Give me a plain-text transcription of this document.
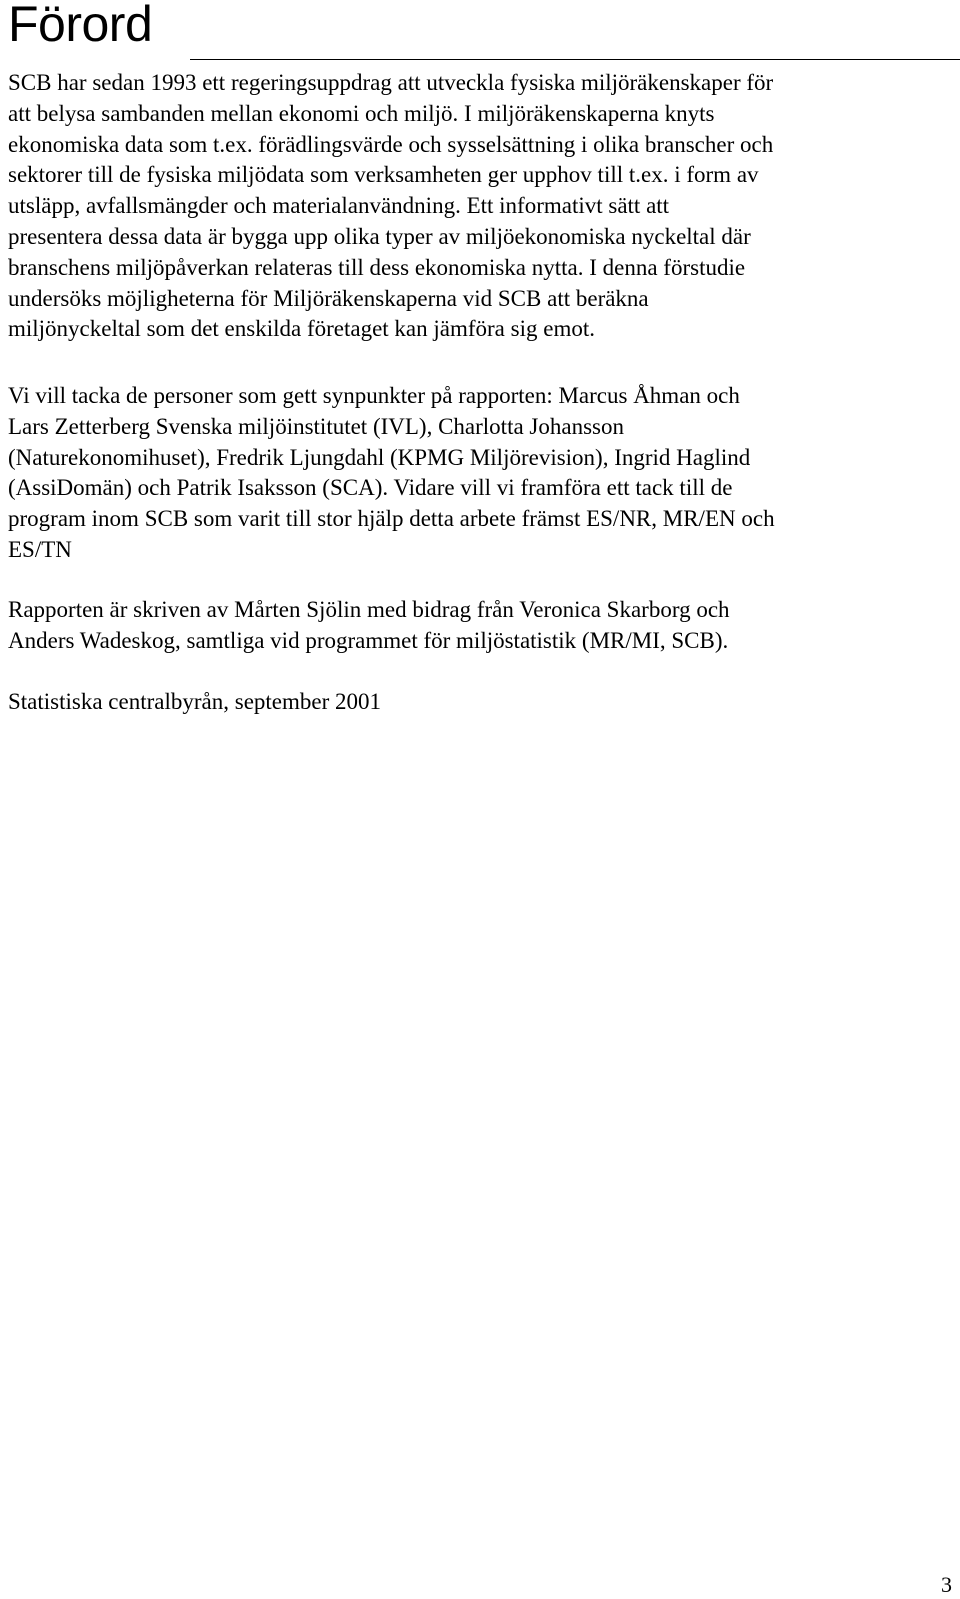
Förord

SCB har sedan 1993 ett regeringsuppdrag att utveckla fysiska miljöräkenskaper för
att belysa sambanden mellan ekonomi och miljö. I miljöräkenskaperna knyts
ekonomiska data som t.ex. förädlingsvärde och sysselsättning i olika branscher och
sektorer till de fysiska miljödata som verksamheten ger upphov till t.ex. i form av
utsläpp, avfallsmängder och materialanvändning. Ett informativt sätt att
presentera dessa data är bygga upp olika typer av miljöekonomiska nyckeltal där
branschens miljöpåverkan relateras till dess ekonomiska nytta. I denna förstudie
undersöks möjligheterna för Miljöräkenskaperna vid SCB att beräkna
miljönyckeltal som det enskilda företaget kan jämföra sig emot.

Vi vill tacka de personer som gett synpunkter på rapporten: Marcus Åhman och
Lars Zetterberg Svenska miljöinstitutet (IVL), Charlotta Johansson
(Naturekonomihuset), Fredrik Ljungdahl (KPMG Miljörevision), Ingrid Haglind
(AssiDomän) och Patrik Isaksson (SCA). Vidare vill vi framföra ett tack till de
program inom SCB som varit till stor hjälp detta arbete främst ES/NR, MR/EN och
ES/TN

Rapporten är skriven av Mårten Sjölin med bidrag från Veronica Skarborg och
Anders Wadeskog, samtliga vid programmet för miljöstatistik (MR/MI, SCB).

Statistiska centralbyrån, september 2001

3
